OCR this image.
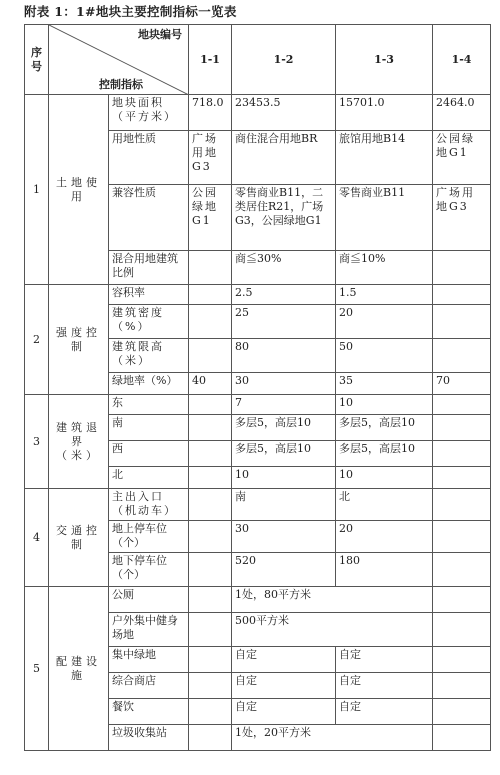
附表 1：1#地块主要控制指标一览表
序号	地块编号
控制指标		1-1	1-2	1-3	1-4
1	土地使用	地块面积（平方米）	718.0	23453.5	15701.0	2464.0
		用地性质	广场用地G3	商住混合用地BR	旅馆用地B14	公园绿地G1
		兼容性质	公园绿地G1	零售商业B11，二类居住R21，广场G3，公园绿地G1	零售商业B11	广场用地G3
		混合用地建筑比例		商≦30%	商≦10%	
2	强度控制	容积率		2.5	1.5	
		建筑密度（%）		25	20	
		建筑限高（米）		80	50	
		绿地率（%）	40	30	35	70
3	建筑退界（米）	东		7	10	
		南		多层5，高层10	多层5，高层10	
		西		多层5，高层10	多层5，高层10	
		北		10	10	
4	交通控制	主出入口（机动车）		南	北	
		地上停车位（个）		30	20	
		地下停车位（个）		520	180	
5	配建设施	公厕		1处，80平方米		
		户外集中健身场地		500平方米		
		集中绿地		自定	自定	
		综合商店		自定	自定	
		餐饮		自定	自定	
		垃圾收集站		1处，20平方米		
